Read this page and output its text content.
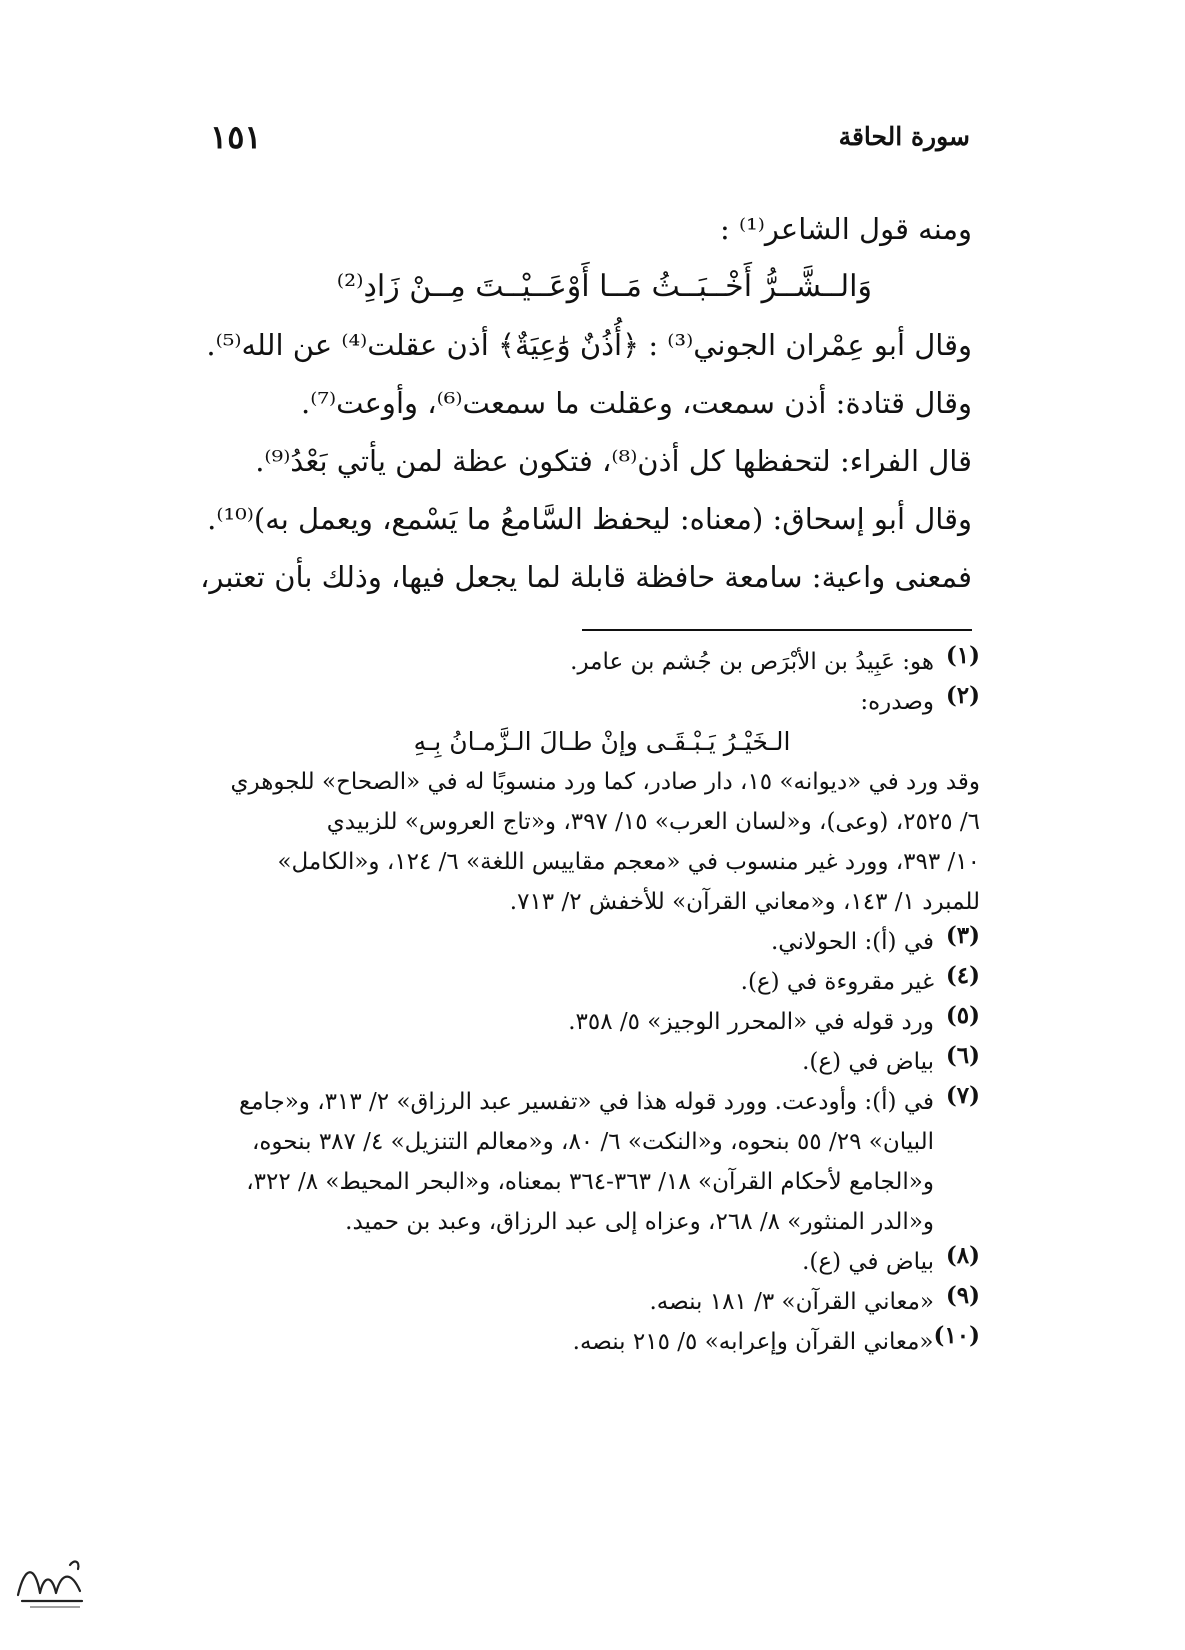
سورة الحاقة
١٥١
ومنه قول الشاعر⁽¹⁾ :
وَالــشَّــرُّ أَخْــبَــثُ مَــا أَوْعَــيْــتَ مِــنْ زَادِ⁽²⁾
وقال أبو عِمْران الجوني⁽³⁾ : ﴿أُذُنٌ وَٰعِيَةٌ﴾ أذن عقلت⁽⁴⁾ عن الله⁽⁵⁾.
وقال قتادة: أذن سمعت، وعقلت ما سمعت⁽⁶⁾، وأوعت⁽⁷⁾.
قال الفراء: لتحفظها كل أذن⁽⁸⁾، فتكون عظة لمن يأتي بَعْدُ⁽⁹⁾.
وقال أبو إسحاق: (معناه: ليحفظ السَّامعُ ما يَسْمع، ويعمل به)⁽¹⁰⁾.
فمعنى واعية: سامعة حافظة قابلة لما يجعل فيها، وذلك بأن تعتبر،
(١)
هو: عَبِيدُ بن الأبْرَص بن جُشم بن عامر.
(٢)
وصدره:
الـخَيْـرُ يَـبْـقَـى وإنْ طـالَ الـزَّمـانُ بِـهِ
وقد ورد في «ديوانه» ١٥، دار صادر، كما ورد منسوبًا له في «الصحاح» للجوهري
٦/ ٢٥٢٥، (وعى)، و«لسان العرب» ١٥/ ٣٩٧، و«تاج العروس» للزبيدي
١٠/ ٣٩٣، وورد غير منسوب في «معجم مقاييس اللغة» ٦/ ١٢٤، و«الكامل»
للمبرد ١/ ١٤٣، و«معاني القرآن» للأخفش ٢/ ٧١٣.
(٣)
في (أ): الحولاني.
(٤)
غير مقروءة في (ع).
(٥)
ورد قوله في «المحرر الوجيز» ٥/ ٣٥٨.
(٦)
بياض في (ع).
(٧)
في (أ): وأودعت. وورد قوله هذا في «تفسير عبد الرزاق» ٢/ ٣١٣، و«جامع
البيان» ٢٩/ ٥٥ بنحوه، و«النكت» ٦/ ٨٠، و«معالم التنزيل» ٤/ ٣٨٧ بنحوه،
و«الجامع لأحكام القرآن» ١٨/ ٣٦٣-٣٦٤ بمعناه، و«البحر المحيط» ٨/ ٣٢٢،
و«الدر المنثور» ٨/ ٢٦٨، وعزاه إلى عبد الرزاق، وعبد بن حميد.
(٨)
بياض في (ع).
(٩)
«معاني القرآن» ٣/ ١٨١ بنصه.
(١٠)
«معاني القرآن وإعرابه» ٥/ ٢١٥ بنصه.
